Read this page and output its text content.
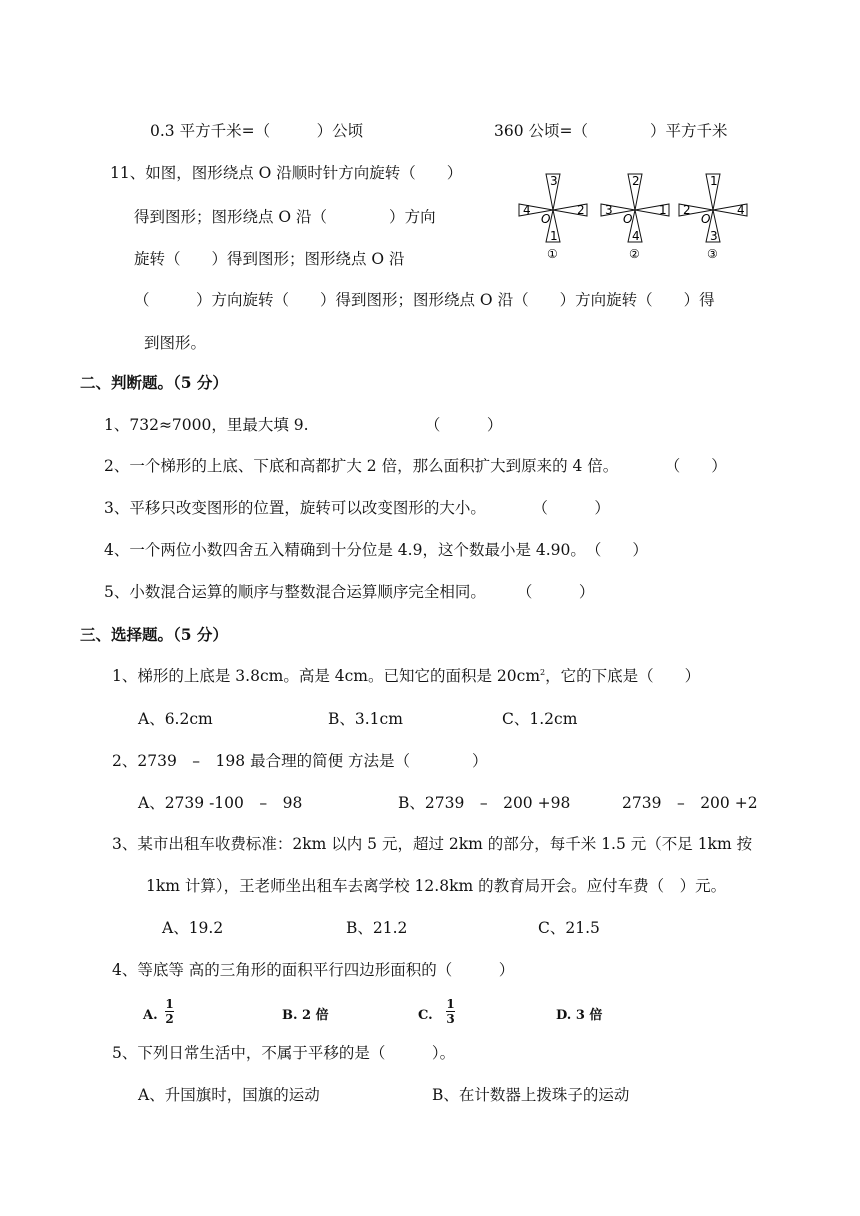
0.3 平方千米=（　　　）公顷	360 公顷=（　　　　）平方千米
11、如图，图形绕点 O 沿顺时针方向旋转（　　）
得到图形；图形绕点 O 沿（　　　　）方向
旋转（　　）得到图形；图形绕点 O 沿
（　　　）方向旋转（　　）得到图形；图形绕点 O 沿（　　）方向旋转（　　）得
到图形。
3
4	2
1
O
①
2
3	1
4
O
②
1
2	4
3
O
③
二、判断题。（5 分）
1、732≈7000，里最大填 9.　　　　　　　　（　　　）
2、一个梯形的上底、下底和高都扩大 2 倍，那么面积扩大到原来的 4 倍。　　　　（　　）
3、平移只改变图形的位置，旋转可以改变图形的大小。　　　　（　　　）
4、一个两位小数四舍五入精确到十分位是 4.9，这个数最小是 4.90。　（　　）
5、小数混合运算的顺序与整数混合运算顺序完全相同。　　　（　　　）
三、选择题。（5 分）
1、梯形的上底是 3.8cm。高是 4cm。已知它的面积是 $20cm^2$，它的下底是（　　）
A、6.2cm	B、3.1cm	C、1.2cm
2、2739　–　198 最合理的简便 方法是（　　　　）
A、2739 -100　–　98	B、2739　–　200 +98	2739　–　200 +2
3、某市出租车收费标准：2km 以内 5 元，超过 2km 的部分，每千米 1.5 元（不足 1km 按
1km 计算），王老师坐出租车去离学校 12.8km 的教育局开会。应付车费（　）元。
A、19.2	B、21.2	C、21.5
4、等底等 高的三角形的面积平行四边形面积的（　　　）
A.
1
2	B. 2 倍	C.
1
3	D. 3 倍
5、下列日常生活中，不属于平移的是（　　　）。
A、升国旗时，国旗的运动	B、在计数器上拨珠子的运动
